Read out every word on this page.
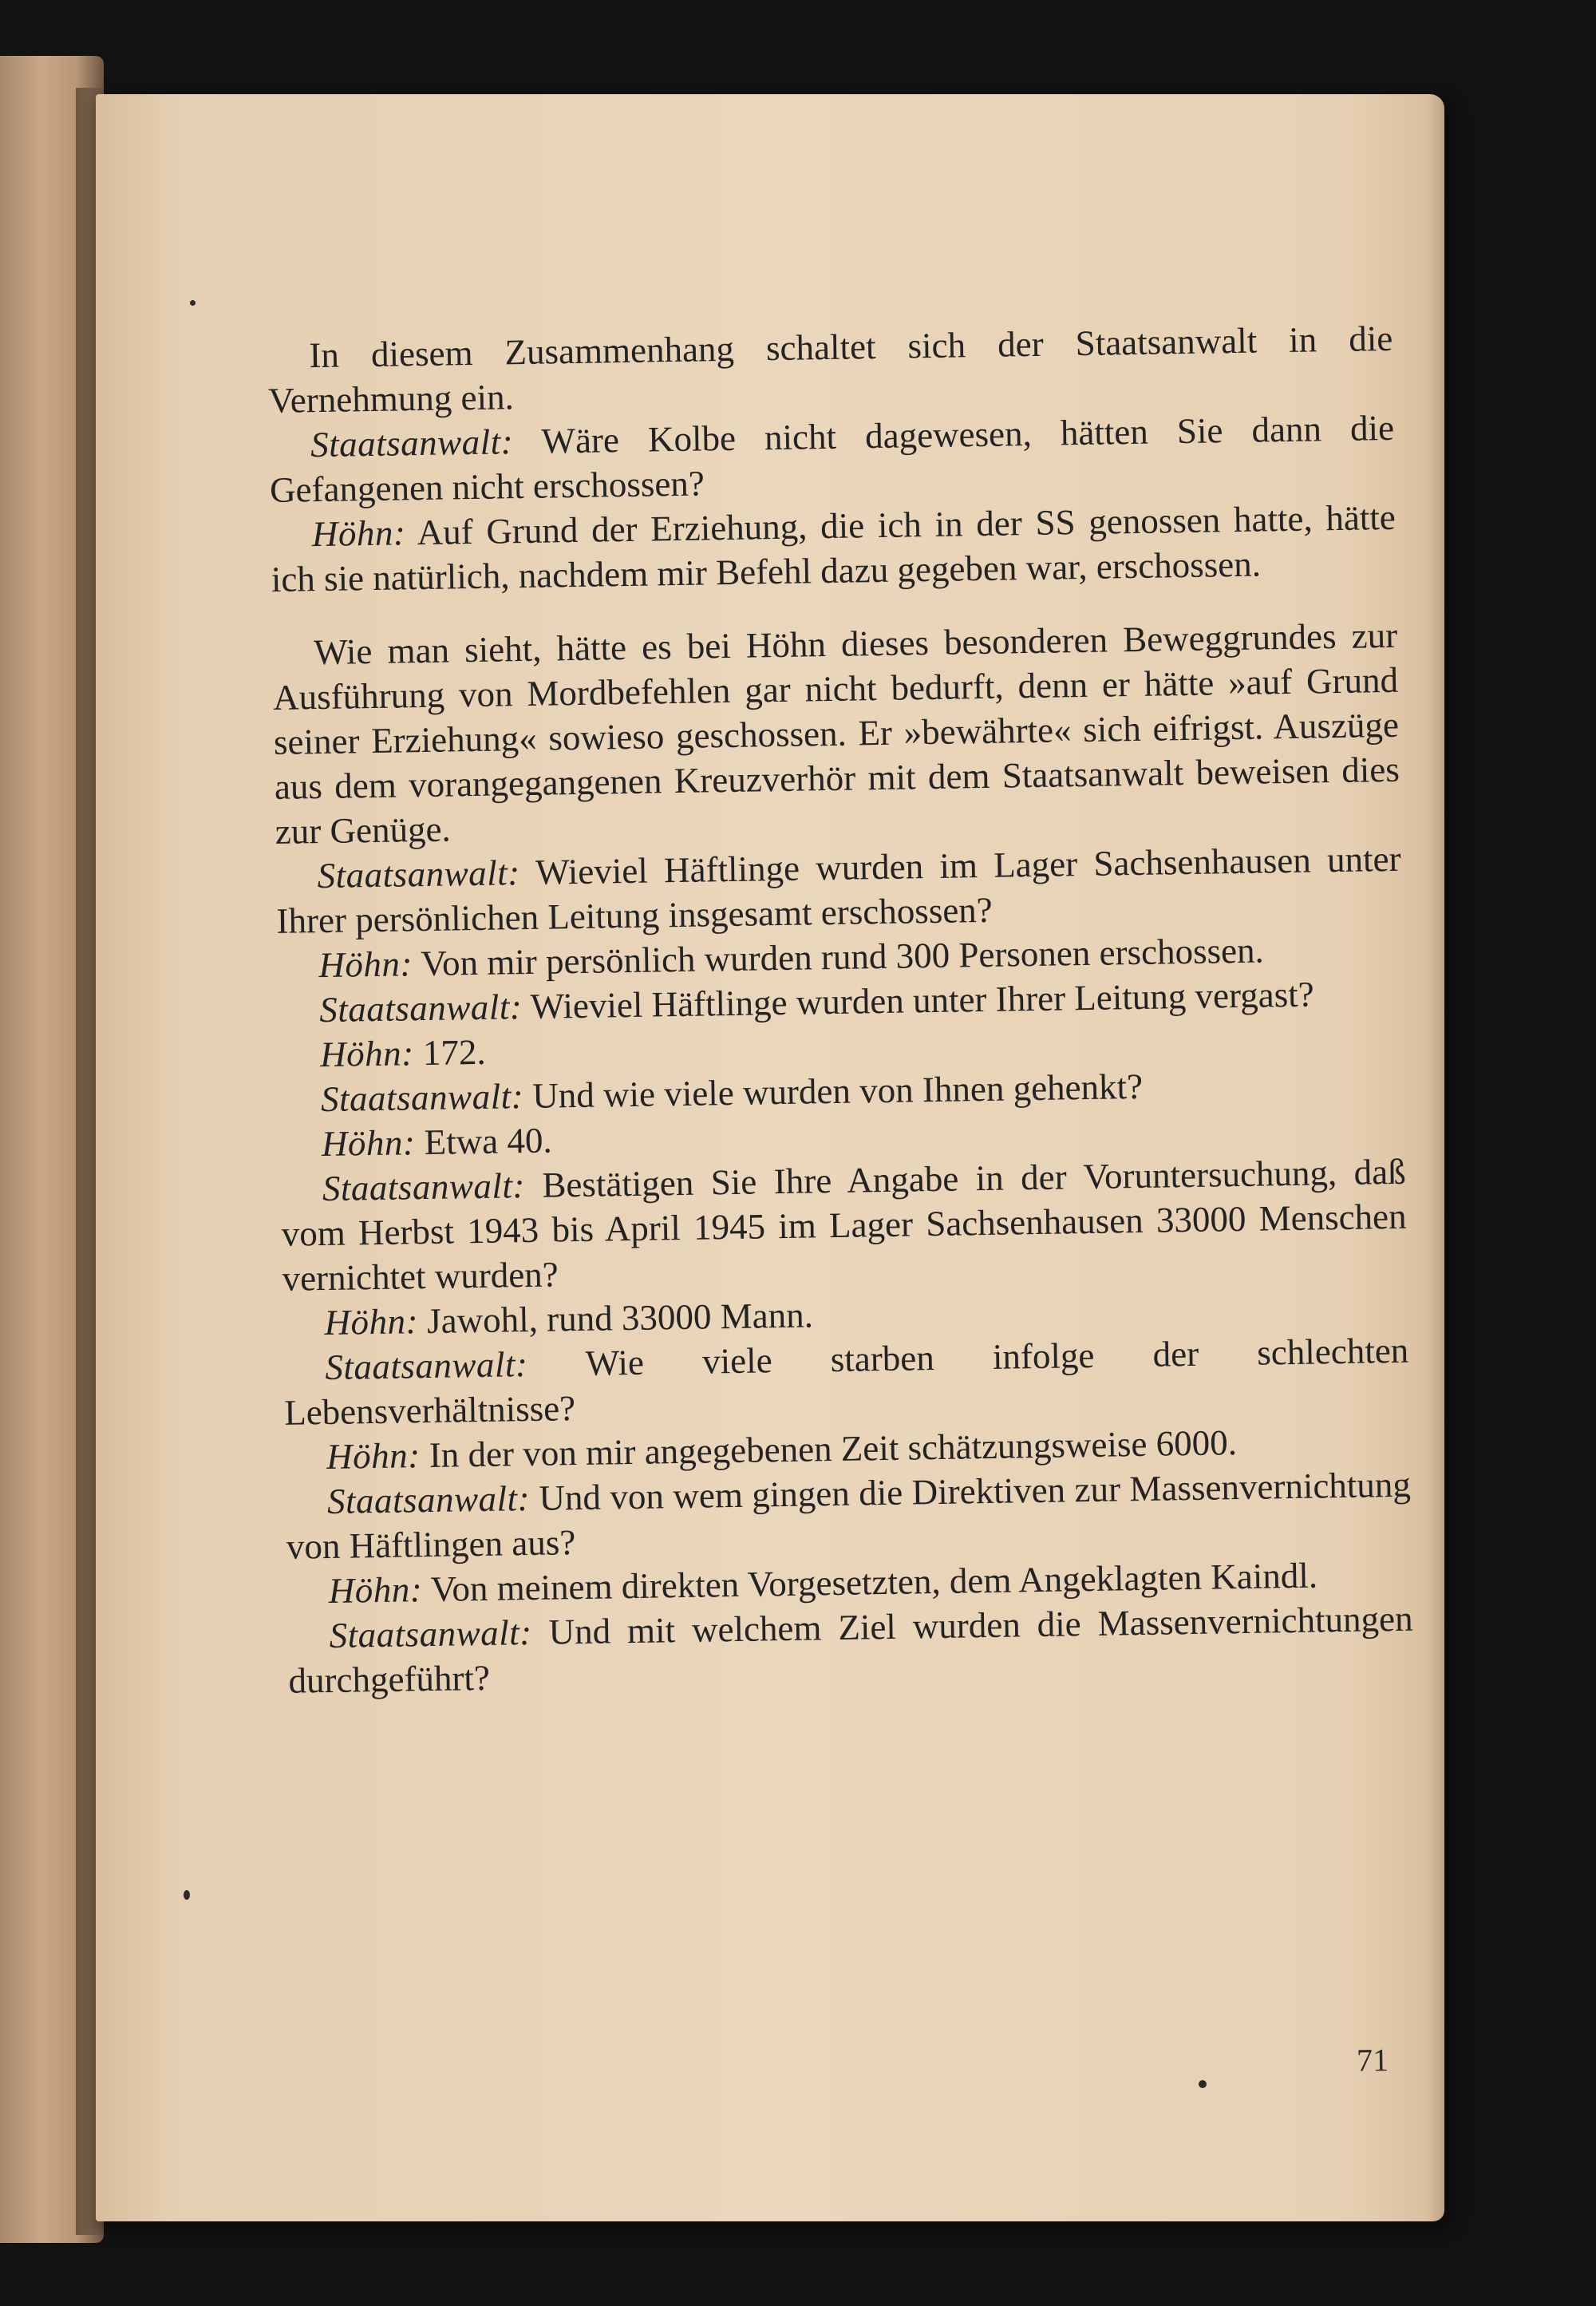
In diesem Zusammenhang schaltet sich der Staatsanwalt in die Vernehmung ein.

Staatsanwalt: Wäre Kolbe nicht dagewesen, hätten Sie dann die Gefangenen nicht erschossen?

Höhn: Auf Grund der Erziehung, die ich in der SS genossen hatte, hätte ich sie natürlich, nachdem mir Befehl dazu gegeben war, erschossen.

Wie man sieht, hätte es bei Höhn dieses besonderen Beweggrundes zur Ausführung von Mordbefehlen gar nicht bedurft, denn er hätte »auf Grund seiner Erziehung« sowieso geschossen. Er »bewährte« sich eifrigst. Auszüge aus dem vorangegangenen Kreuzverhör mit dem Staatsanwalt beweisen dies zur Genüge.

Staatsanwalt: Wieviel Häftlinge wurden im Lager Sachsenhausen unter Ihrer persönlichen Leitung insgesamt erschossen?

Höhn: Von mir persönlich wurden rund 300 Personen erschossen.

Staatsanwalt: Wieviel Häftlinge wurden unter Ihrer Leitung vergast?

Höhn: 172.

Staatsanwalt: Und wie viele wurden von Ihnen gehenkt?

Höhn: Etwa 40.

Staatsanwalt: Bestätigen Sie Ihre Angabe in der Voruntersuchung, daß vom Herbst 1943 bis April 1945 im Lager Sachsenhausen 33000 Menschen vernichtet wurden?

Höhn: Jawohl, rund 33000 Mann.

Staatsanwalt: Wie viele starben infolge der schlechten Lebensverhältnisse?

Höhn: In der von mir angegebenen Zeit schätzungsweise 6000.

Staatsanwalt: Und von wem gingen die Direktiven zur Massenvernichtung von Häftlingen aus?

Höhn: Von meinem direkten Vorgesetzten, dem Angeklagten Kaindl.

Staatsanwalt: Und mit welchem Ziel wurden die Massenvernichtungen durchgeführt?

71
